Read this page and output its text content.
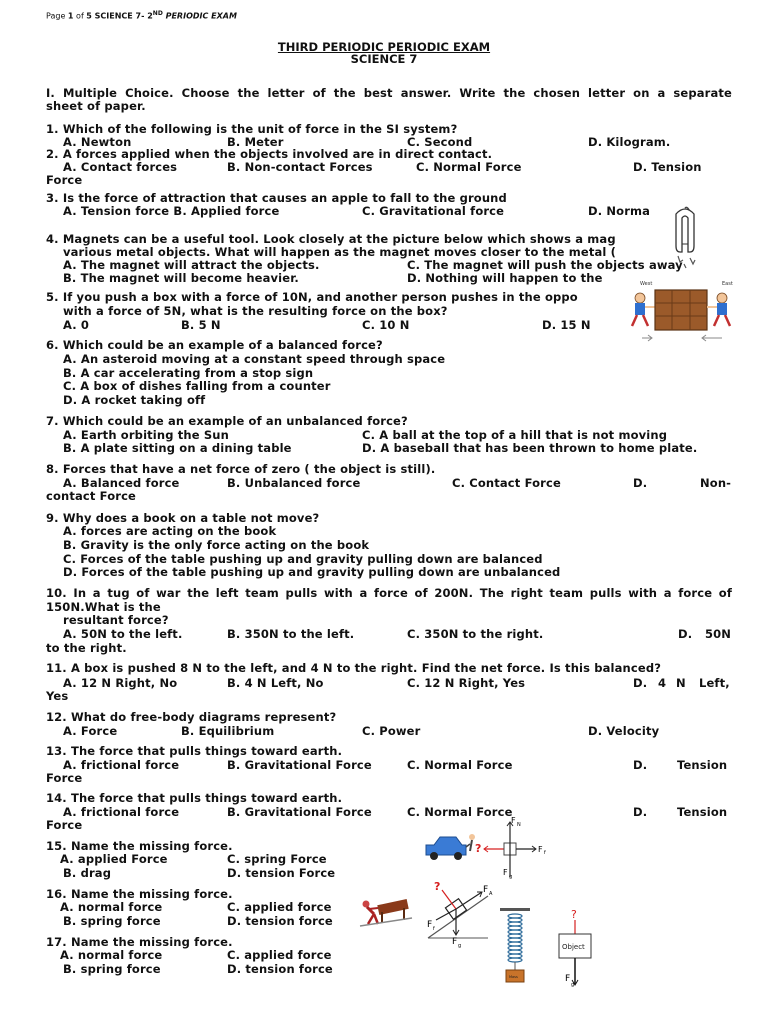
Page 1 of 5 SCIENCE 7- 2ND PERIODIC EXAM
THIRD PERIODIC PERIODIC EXAM
SCIENCE 7
I. Multiple Choice. Choose the letter of the best answer. Write the chosen letter on a separate
sheet of paper.
1. Which of the following is the unit of force in the SI system?
A. Newton	B. Meter	C. Second	D. Kilogram.
2. A forces applied when the objects involved are in direct contact.
A. Contact forces	B. Non-contact Forces	C. Normal Force	D. Tension
Force
3. Is the force of attraction that causes an apple to fall to the ground
A. Tension force B. Applied force	C. Gravitational force	D. Norma
4. Magnets can be a useful tool. Look closely at the picture below which shows a mag
various metal objects. What will happen as the magnet moves closer to the metal (
A. The magnet will attract the objects.	C. The magnet will push the objects away
B. The magnet will become heavier.	D. Nothing will happen to the
5. If you push a box with a force of 10N, and another person pushes in the oppo
with a force of 5N, what is the resulting force on the box?
A. 0	B. 5 N	C. 10 N	D. 15 N
West	East
6. Which could be an example of a balanced force?
A. An asteroid moving at a constant speed through space
B. A car accelerating from a stop sign
C. A box of dishes falling from a counter
D. A rocket taking off
7. Which could be an example of an unbalanced force?
A. Earth orbiting the Sun	C. A ball at the top of a hill that is not moving
B. A plate sitting on a dining table	D. A baseball that has been thrown to home plate.
8. Forces that have a net force of zero ( the object is still).
A. Balanced force	B. Unbalanced force	C. Contact Force	D.	Non-
contact Force
9. Why does a book on a table not move?
A. forces are acting on the book
B. Gravity is the only force acting on the book
C. Forces of the table pushing up and gravity pulling down are balanced
D. Forces of the table pushing up and gravity pulling down are unbalanced
10. In a tug of war the left team pulls with a force of 200N. The right team pulls with a force of
150N.What is the
resultant force?
A. 50N to the left.	B. 350N to the left.	C. 350N to the right.	D. 50N
to the right.
11. A box is pushed 8 N to the left, and 4 N to the right. Find the net force. Is this balanced?
A. 12 N Right, No	B. 4 N Left, No	C. 12 N Right, Yes	D. 4 N Left,
Yes
12. What do free-body diagrams represent?
A. Force	B. Equilibrium	C. Power	D. Velocity
13. The force that pulls things toward earth.
A. frictional force	B. Gravitational Force	C. Normal Force	D.	Tension
Force
14. The force that pulls things toward earth.
A. frictional force	B. Gravitational Force	C. Normal Force	D.	Tension
Force
15. Name the missing force.
A. applied Force	C. spring Force
B. drag	D. tension Force
?
F N
F f
F g
16. Name the missing force.
A. normal force	C. applied force
B. spring force	D. tension force
?	F A
F f
F g
Mass
?
Object
F
g
17. Name the missing force.
A. normal force	C. applied force
B. spring force	D. tension force
